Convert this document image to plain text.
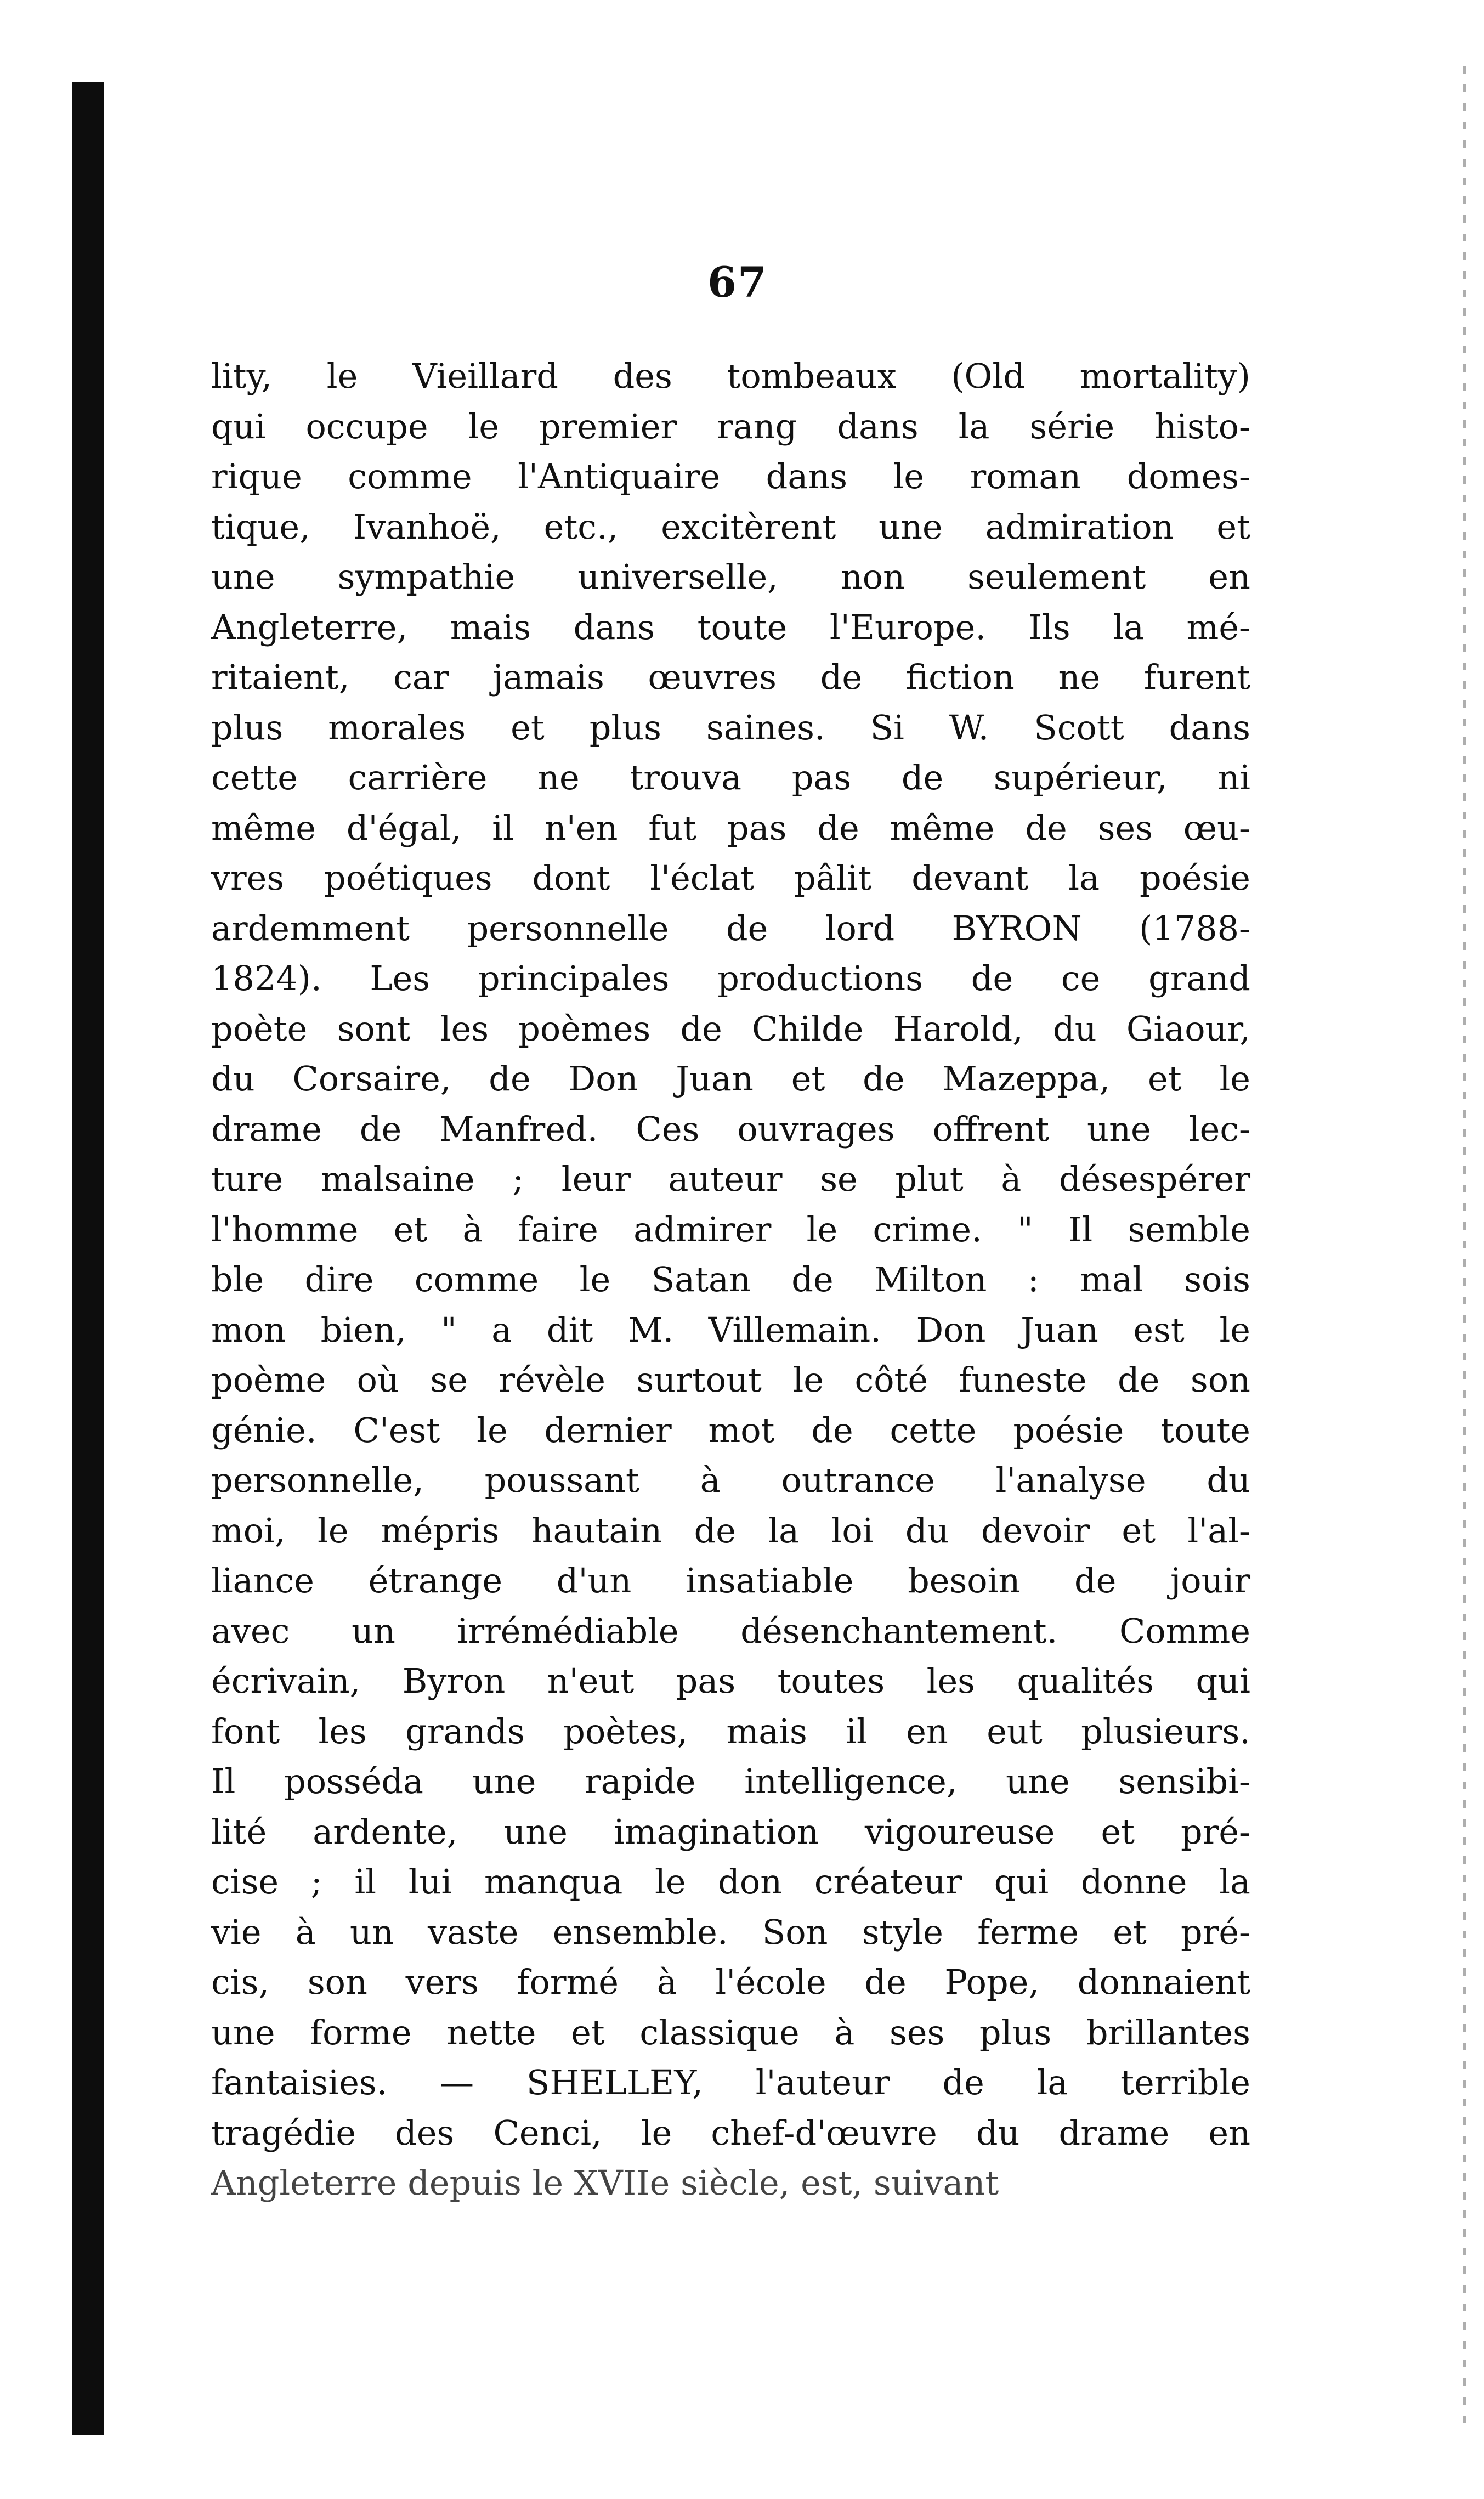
67
lity, le Vieillard des tombeaux (Old mortality)
qui occupe le premier rang dans la série histo-
rique comme l'Antiquaire dans le roman domes-
tique, Ivanhoë, etc., excitèrent une admiration et
une sympathie universelle, non seulement en
Angleterre, mais dans toute l'Europe. Ils la mé-
ritaient, car jamais œuvres de fiction ne furent
plus morales et plus saines. Si W. Scott dans
cette carrière ne trouva pas de supérieur, ni
même d'égal, il n'en fut pas de même de ses œu-
vres poétiques dont l'éclat pâlit devant la poésie
ardemment personnelle de lord BYRON (1788-
1824). Les principales productions de ce grand
poète sont les poèmes de Childe Harold, du Giaour,
du Corsaire, de Don Juan et de Mazeppa, et le
drame de Manfred. Ces ouvrages offrent une lec-
ture malsaine ; leur auteur se plut à désespérer
l'homme et à faire admirer le crime. " Il semble
ble dire comme le Satan de Milton : mal sois
mon bien, " a dit M. Villemain. Don Juan est le
poème où se révèle surtout le côté funeste de son
génie. C'est le dernier mot de cette poésie toute
personnelle, poussant à outrance l'analyse du
moi, le mépris hautain de la loi du devoir et l'al-
liance étrange d'un insatiable besoin de jouir
avec un irrémédiable désenchantement. Comme
écrivain, Byron n'eut pas toutes les qualités qui
font les grands poètes, mais il en eut plusieurs.
Il posséda une rapide intelligence, une sensibi-
lité ardente, une imagination vigoureuse et pré-
cise ; il lui manqua le don créateur qui donne la
vie à un vaste ensemble. Son style ferme et pré-
cis, son vers formé à l'école de Pope, donnaient
une forme nette et classique à ses plus brillantes
fantaisies. — SHELLEY, l'auteur de la terrible
tragédie des Cenci, le chef-d'œuvre du drame en
Angleterre depuis le XVIIe siècle, est, suivant
